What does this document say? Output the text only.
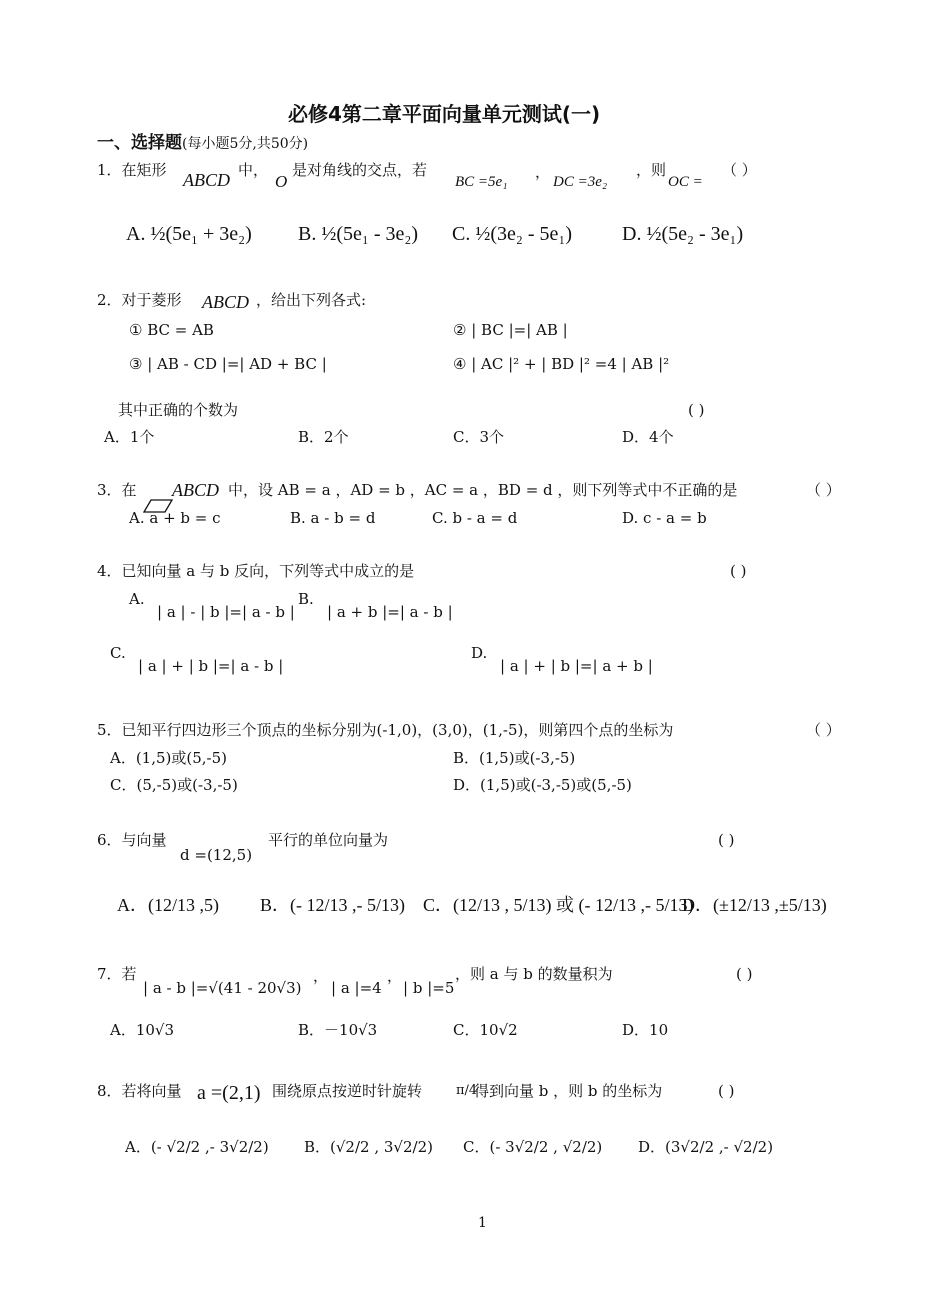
必修4第二章平面向量单元测试(一)
一、选择题(每小题5分,共50分)
1．在矩形 ABCD 中，
O
是对角线的交点，若
BC =5e₁
，
DC =3e₂
，则
OC =
（ ）
A. ½(5e₁ + 3e₂) B. ½(5e₁ - 3e₂) C. ½(3e₂ - 5e₁) D. ½(5e₂ - 3e₁)
2．对于菱形 ABCD ，给出下列各式:
① BC = AB	② | BC |=| AB |
③ | AB - CD |=| AD + BC |	④ | AC |² + | BD |² =4 | AB |²
其中正确的个数为	( )
A．1个	B．2个	C．3个	D．4个
3．在 ABCD 中，设 AB = a ，AD = b ，AC = a ，BD = d ，则下列等式中不正确的是	（ ）
A. a + b = c	B. a - b = d	C. b - a = d	D. c - a = b
4．已知向量 a 与 b 反向，下列等式中成立的是	( )
A.
| a | - | b |=| a - b |
B.
| a + b |=| a - b |
C.
| a | + | b |=| a - b |
D.
| a | + | b |=| a + b |
5．已知平行四边形三个顶点的坐标分别为(-1,0)，(3,0)，(1,-5)，则第四个点的坐标为	（ ）
A．(1,5)或(5,-5)	B．(1,5)或(-3,-5)
C．(5,-5)或(-3,-5)	D．(1,5)或(-3,-5)或(5,-5)
6．与向量
d =(12,5)
平行的单位向量为	( )
A．(12/13 ,5) B．(- 12/13 ,- 5/13) C．(12/13 , 5/13) 或 (- 12/13 ,- 5/13)
D．(±12/13 ,±5/13)
7．若
| a - b |=√(41 - 20√3)
，
| a |=4
，
| b |=5
，则 a 与 b 的数量积为	( )
A．10√3	B．－10√3	C．10√2	D．10
8．若将向量 a =(2,1) 围绕原点按逆时针旋转	π/4
得到向量 b ，则 b 的坐标为	( )
A．(- √2/2 ,- 3√2/2) B．(√2/2 , 3√2/2) C．(- 3√2/2 , √2/2) D．(3√2/2 ,- √2/2)
1
